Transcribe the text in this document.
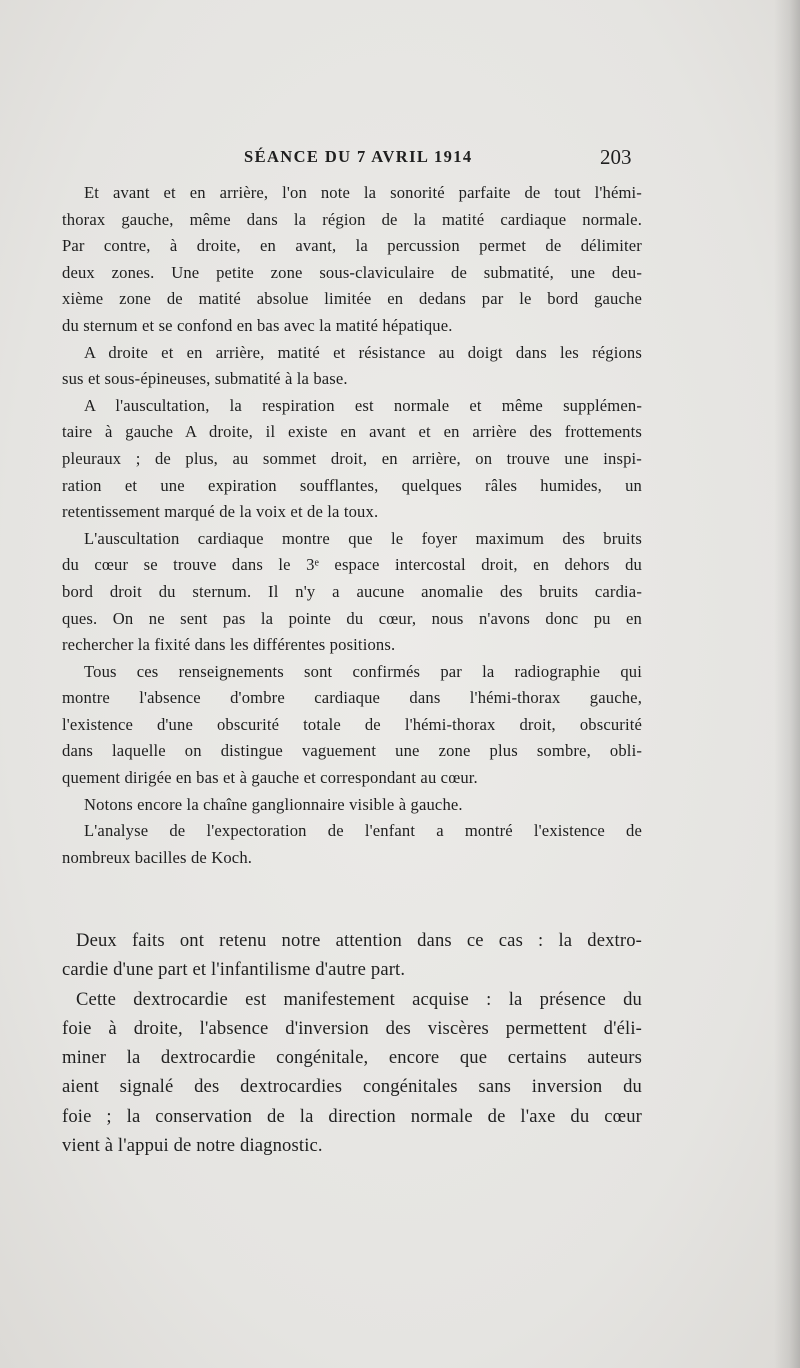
SÉANCE DU 7 AVRIL 1914	203

Et avant et en arrière, l'on note la sonorité parfaite de tout l'hémi-
thorax gauche, même dans la région de la matité cardiaque normale.
Par contre, à droite, en avant, la percussion permet de délimiter
deux zones. Une petite zone sous-claviculaire de submatité, une deu-
xième zone de matité absolue limitée en dedans par le bord gauche
du sternum et se confond en bas avec la matité hépatique.

A droite et en arrière, matité et résistance au doigt dans les régions
sus et sous-épineuses, submatité à la base.

A l'auscultation, la respiration est normale et même supplémen-
taire à gauche A droite, il existe en avant et en arrière des frottements
pleuraux ; de plus, au sommet droit, en arrière, on trouve une inspi-
ration et une expiration soufflantes, quelques râles humides, un
retentissement marqué de la voix et de la toux.

L'auscultation cardiaque montre que le foyer maximum des bruits
du cœur se trouve dans le 3ᵉ espace intercostal droit, en dehors du
bord droit du sternum. Il n'y a aucune anomalie des bruits cardia-
ques. On ne sent pas la pointe du cœur, nous n'avons donc pu en
rechercher la fixité dans les différentes positions.

Tous ces renseignements sont confirmés par la radiographie qui
montre l'absence d'ombre cardiaque dans l'hémi-thorax gauche,
l'existence d'une obscurité totale de l'hémi-thorax droit, obscurité
dans laquelle on distingue vaguement une zone plus sombre, obli-
quement dirigée en bas et à gauche et correspondant au cœur.

Notons encore la chaîne ganglionnaire visible à gauche.

L'analyse de l'expectoration de l'enfant a montré l'existence de
nombreux bacilles de Koch.

Deux faits ont retenu notre attention dans ce cas : la dextro-
cardie d'une part et l'infantilisme d'autre part.

Cette dextrocardie est manifestement acquise : la présence du
foie à droite, l'absence d'inversion des viscères permettent d'éli-
miner la dextrocardie congénitale, encore que certains auteurs
aient signalé des dextrocardies congénitales sans inversion du
foie ; la conservation de la direction normale de l'axe du cœur
vient à l'appui de notre diagnostic.
